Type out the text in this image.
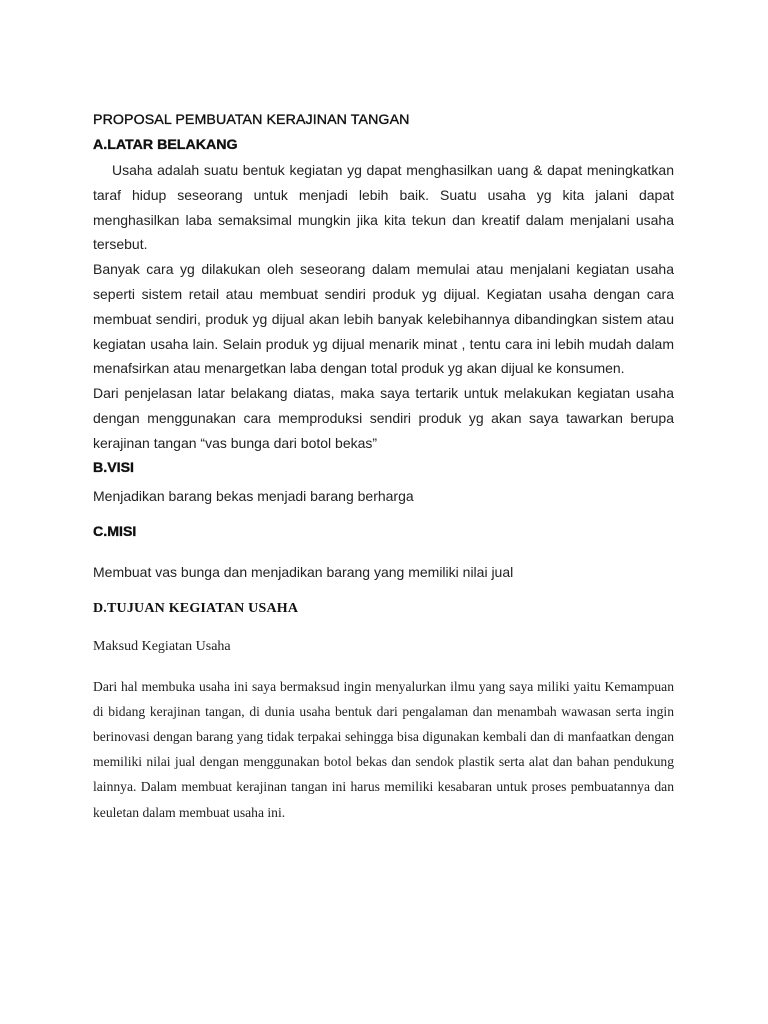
PROPOSAL PEMBUATAN KERAJINAN TANGAN
A.LATAR BELAKANG

Usaha adalah suatu bentuk kegiatan yg dapat menghasilkan uang & dapat meningkatkan taraf hidup seseorang untuk menjadi lebih baik. Suatu usaha yg kita jalani dapat menghasilkan laba semaksimal mungkin jika kita tekun dan kreatif dalam menjalani usaha tersebut.

Banyak cara yg dilakukan oleh seseorang dalam memulai atau menjalani kegiatan usaha seperti sistem retail atau membuat sendiri produk yg dijual. Kegiatan usaha dengan cara membuat sendiri, produk yg dijual akan lebih banyak kelebihannya dibandingkan sistem atau kegiatan usaha lain. Selain produk yg dijual menarik minat , tentu cara ini lebih mudah dalam menafsirkan atau menargetkan laba dengan total produk yg akan dijual ke konsumen.

Dari penjelasan latar belakang diatas, maka saya tertarik untuk melakukan kegiatan usaha dengan menggunakan cara memproduksi sendiri produk yg akan saya tawarkan berupa kerajinan tangan “vas bunga dari botol bekas”

B.VISI

Menjadikan barang bekas menjadi barang berharga

C.MISI

Membuat vas bunga dan menjadikan barang yang memiliki nilai jual

D.TUJUAN KEGIATAN USAHA

Maksud Kegiatan Usaha

Dari hal membuka usaha ini saya bermaksud ingin menyalurkan ilmu yang saya miliki yaitu Kemampuan di bidang kerajinan tangan, di dunia usaha bentuk dari pengalaman dan menambah wawasan serta ingin berinovasi dengan barang yang tidak terpakai sehingga bisa digunakan kembali dan di manfaatkan dengan memiliki nilai jual dengan menggunakan botol bekas dan sendok plastik serta alat dan bahan pendukung lainnya. Dalam membuat kerajinan tangan ini harus memiliki kesabaran untuk proses pembuatannya dan keuletan dalam membuat usaha ini.
